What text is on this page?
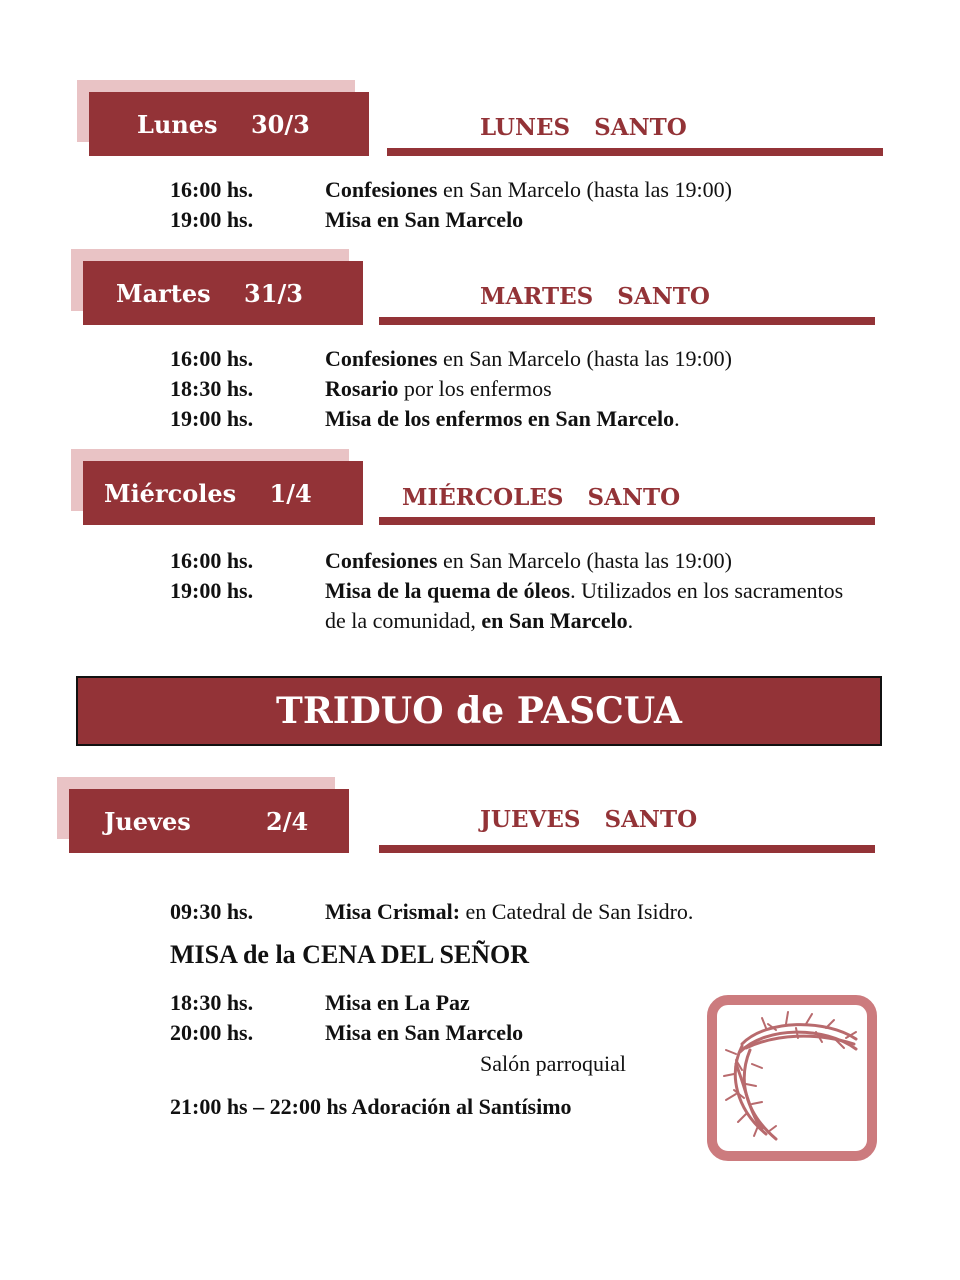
Lunes    30/3	LUNES   SANTO
16:00 hs.	Confesiones en San Marcelo (hasta las 19:00)
19:00 hs.	Misa en San Marcelo
Martes    31/3	MARTES   SANTO
16:00 hs.	Confesiones en San Marcelo (hasta las 19:00)
18:30 hs.	Rosario por los enfermos
19:00 hs.	Misa de los enfermos en San Marcelo.
Miércoles    1/4	MIÉRCOLES   SANTO
16:00 hs.	Confesiones en San Marcelo (hasta las 19:00)
19:00 hs.	Misa de la quema de óleos. Utilizados en los sacramentos de la comunidad, en San Marcelo.
TRIDUO de PASCUA
Jueves         2/4	JUEVES   SANTO
09:30 hs.	Misa Crismal: en Catedral de San Isidro.
MISA de la CENA DEL SEÑOR
18:30 hs.	Misa en La Paz
20:00 hs.	Misa en San Marcelo
Salón parroquial
21:00 hs – 22:00 hs Adoración al Santísimo
